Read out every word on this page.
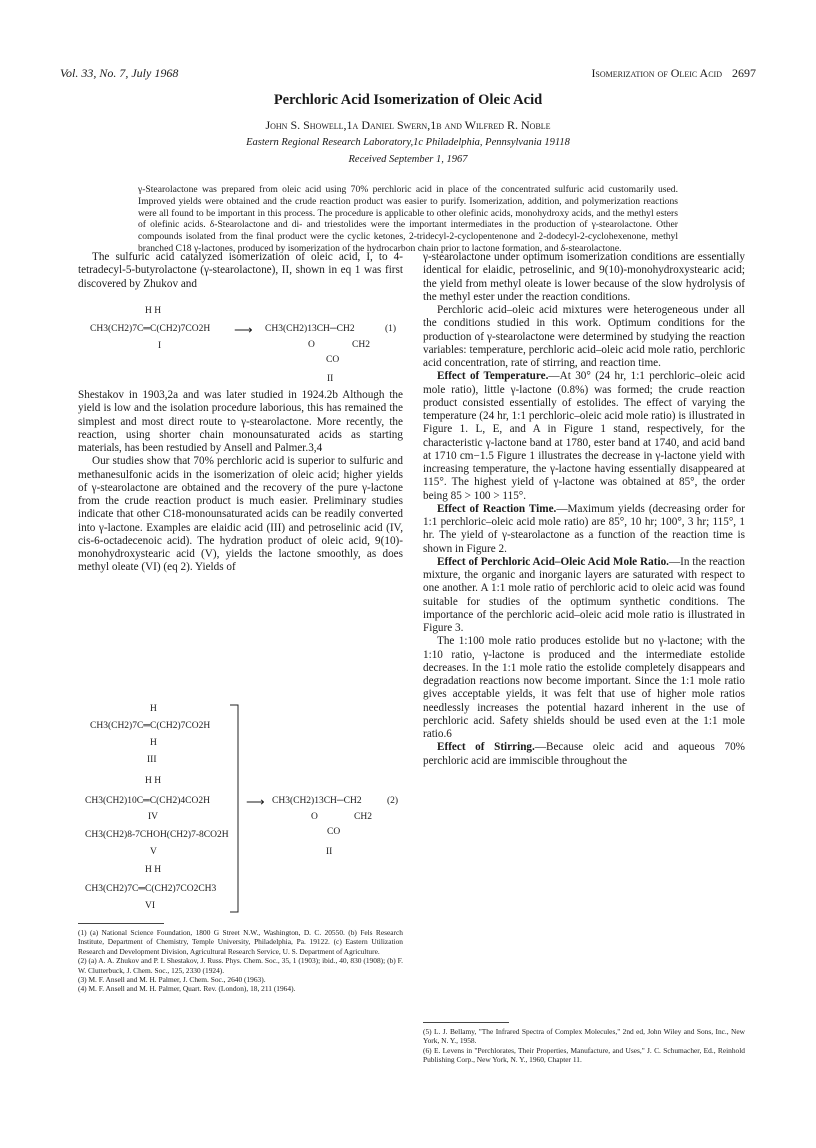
Vol. 33, No. 7, July 1968	Isomerization of Oleic Acid 2697
Perchloric Acid Isomerization of Oleic Acid
John S. Showell,1a Daniel Swern,1b and Wilfred R. Noble
Eastern Regional Research Laboratory,1c Philadelphia, Pennsylvania 19118
Received September 1, 1967
γ-Stearolactone was prepared from oleic acid using 70% perchloric acid in place of the concentrated sulfuric acid customarily used. Improved yields were obtained and the crude reaction product was easier to purify. Isomerization, addition, and polymerization reactions were all found to be important in this process. The procedure is applicable to other olefinic acids, monohydroxy acids, and the methyl esters of olefinic acids. δ-Stearolactone and di- and triestolides were the important intermediates in the production of γ-stearolactone. Other compounds isolated from the final product were the cyclic ketones, 2-tridecyl-2-cyclopentenone and 2-dodecyl-2-cyclohexenone, methyl branched C18 γ-lactones, produced by isomerization of the hydrocarbon chain prior to lactone formation, and δ-stearolactone.

The sulfuric acid catalyzed isomerization of oleic acid, I, to 4-tetradecyl-5-butyrolactone (γ-stearolactone), II, shown in eq 1 was first discovered by Zhukov and

H H
CH3(CH2)7C═C(CH2)7CO2H
I
⟶ CH3(CH2)13CH─CH2
O	CH2
CO
(1)
II

Shestakov in 1903,2a and was later studied in 1924.2b Although the yield is low and the isolation procedure laborious, this has remained the simplest and most direct route to γ-stearolactone. More recently, the reaction, using shorter chain monounsaturated acids as starting materials, has been restudied by Ansell and Palmer.3,4

Our studies show that 70% perchloric acid is superior to sulfuric and methanesulfonic acids in the isomerization of oleic acid; higher yields of γ-stearolactone are obtained and the recovery of the pure γ-lactone from the crude reaction product is much easier. Preliminary studies indicate that other C18-monounsaturated acids can be readily converted into γ-lactone. Examples are elaidic acid (III) and petroselinic acid (IV, cis-6-octadecenoic acid). The hydration product of oleic acid, 9(10)-monohydroxystearic acid (V), yields the lactone smoothly, as does methyl oleate (VI) (eq 2). Yields of

H
CH3(CH2)7C═C(CH2)7CO2H
H
III
H H
CH3(CH2)10C═C(CH2)4CO2H
IV
CH3(CH2)8-7CHOH(CH2)7-8CO2H
V
H H
CH3(CH2)7C═C(CH2)7CO2CH3
VI
⟶ CH3(CH2)13CH─CH2
O	CH2
CO
(2)
II
(1) (a) National Science Foundation, 1800 G Street N.W., Washington, D. C. 20550. (b) Fels Research Institute, Department of Chemistry, Temple University, Philadelphia, Pa. 19122. (c) Eastern Utilization Research and Development Division, Agricultural Research Service, U. S. Department of Agriculture.
(2) (a) A. A. Zhukov and P. I. Shestakov, J. Russ. Phys. Chem. Soc., 35, 1 (1903); ibid., 40, 830 (1908); (b) F. W. Clutterbuck, J. Chem. Soc., 125, 2330 (1924).
(3) M. F. Ansell and M. H. Palmer, J. Chem. Soc., 2640 (1963).
(4) M. F. Ansell and M. H. Palmer, Quart. Rev. (London), 18, 211 (1964).

γ-stearolactone under optimum isomerization conditions are essentially identical for elaidic, petroselinic, and 9(10)-monohydroxystearic acid; the yield from methyl oleate is lower because of the slow hydrolysis of the methyl ester under the reaction conditions.

Perchloric acid–oleic acid mixtures were heterogeneous under all the conditions studied in this work. Optimum conditions for the production of γ-stearolactone were determined by studying the reaction variables: temperature, perchloric acid–oleic acid mole ratio, perchloric acid concentration, rate of stirring, and reaction time.

Effect of Temperature.—At 30° (24 hr, 1:1 perchloric–oleic acid mole ratio), little γ-lactone (0.8%) was formed; the crude reaction product consisted essentially of estolides. The effect of varying the temperature (24 hr, 1:1 perchloric–oleic acid mole ratio) is illustrated in Figure 1. L, E, and A in Figure 1 stand, respectively, for the characteristic γ-lactone band at 1780, ester band at 1740, and acid band at 1710 cm−1.5 Figure 1 illustrates the decrease in γ-lactone yield with increasing temperature, the γ-lactone having essentially disappeared at 115°. The highest yield of γ-lactone was obtained at 85°, the order being 85 > 100 > 115°.

Effect of Reaction Time.—Maximum yields (decreasing order for 1:1 perchloric–oleic acid mole ratio) are 85°, 10 hr; 100°, 3 hr; 115°, 1 hr. The yield of γ-stearolactone as a function of the reaction time is shown in Figure 2.

Effect of Perchloric Acid–Oleic Acid Mole Ratio.—In the reaction mixture, the organic and inorganic layers are saturated with respect to one another. A 1:1 mole ratio of perchloric acid to oleic acid was found suitable for studies of the optimum synthetic conditions. The importance of the perchloric acid–oleic acid mole ratio is illustrated in Figure 3.

The 1:100 mole ratio produces estolide but no γ-lactone; with the 1:10 ratio, γ-lactone is produced and the intermediate estolide decreases. In the 1:1 mole ratio the estolide completely disappears and degradation reactions now become important. Since the 1:1 mole ratio gives acceptable yields, it was felt that use of higher mole ratios needlessly increases the potential hazard inherent in the use of perchloric acid. Safety shields should be used even at the 1:1 mole ratio.6

Effect of Stirring.—Because oleic acid and aqueous 70% perchloric acid are immiscible throughout the

(5) L. J. Bellamy, "The Infrared Spectra of Complex Molecules," 2nd ed, John Wiley and Sons, Inc., New York, N. Y., 1958.
(6) E. Levens in "Perchlorates, Their Properties, Manufacture, and Uses," J. C. Schumacher, Ed., Reinhold Publishing Corp., New York, N. Y., 1960, Chapter 11.
